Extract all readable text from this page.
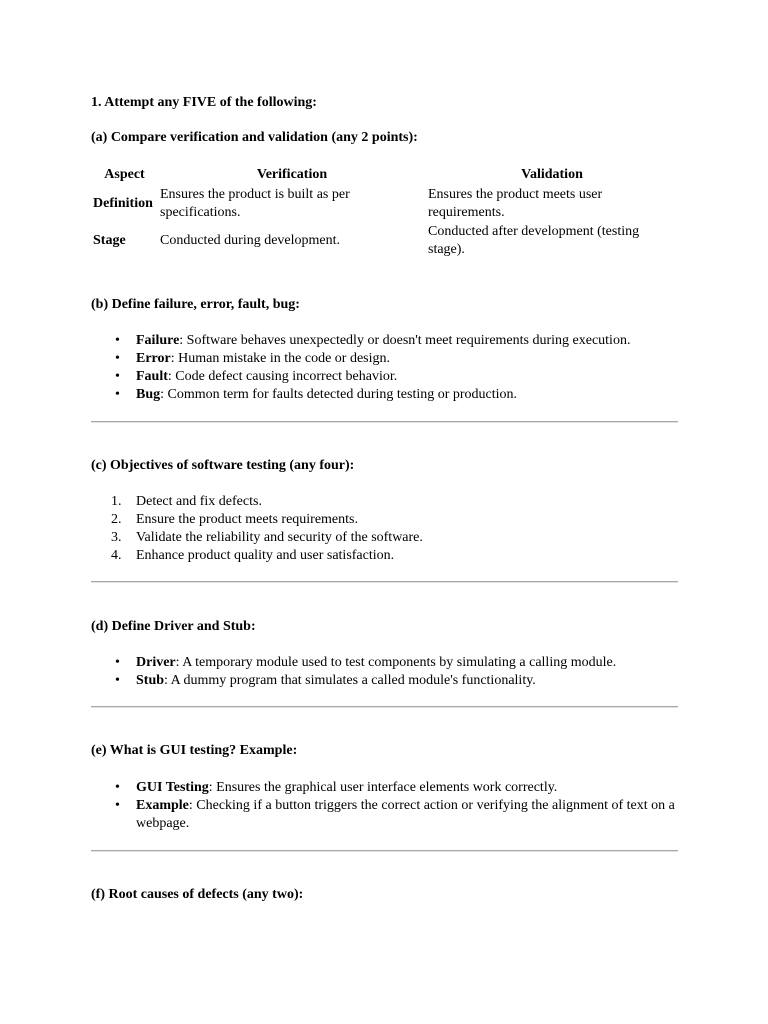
1. Attempt any FIVE of the following:
(a) Compare verification and validation (any 2 points):
Aspect	Verification	Validation
Definition	Ensures the product is built as per specifications.	Ensures the product meets user requirements.
Stage	Conducted during development.	Conducted after development (testing stage).
(b) Define failure, error, fault, bug:
• Failure: Software behaves unexpectedly or doesn't meet requirements during execution.
• Error: Human mistake in the code or design.
• Fault: Code defect causing incorrect behavior.
• Bug: Common term for faults detected during testing or production.
(c) Objectives of software testing (any four):
1. Detect and fix defects.
2. Ensure the product meets requirements.
3. Validate the reliability and security of the software.
4. Enhance product quality and user satisfaction.
(d) Define Driver and Stub:
• Driver: A temporary module used to test components by simulating a calling module.
• Stub: A dummy program that simulates a called module's functionality.
(e) What is GUI testing? Example:
• GUI Testing: Ensures the graphical user interface elements work correctly.
• Example: Checking if a button triggers the correct action or verifying the alignment of text on a webpage.
(f) Root causes of defects (any two):
